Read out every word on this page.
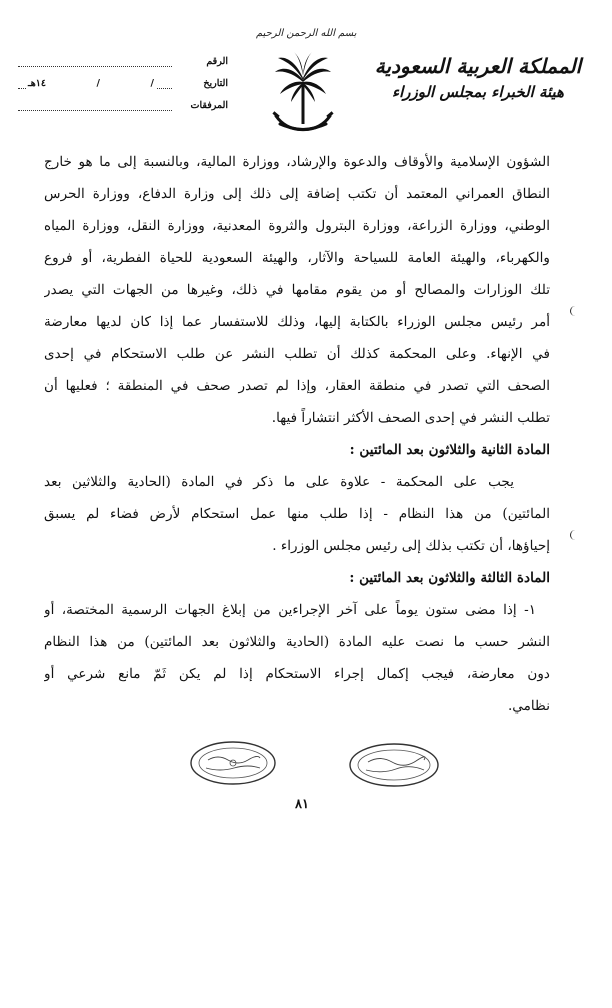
بسم الله الرحمن الرحيم
المملكة العربية السعودية
هيئة الخبراء بمجلس الوزراء
الرقم
التاريخ
١٤هـ	/	/
المرفقات
الشؤون الإسلامية والأوقاف والدعوة والإرشاد، ووزارة المالية، وبالنسبة إلى ما هو خارج
النطاق العمراني المعتمد أن تكتب إضافة إلى ذلك إلى وزارة الدفاع، ووزارة الحرس
الوطني، ووزارة الزراعة، ووزارة البترول والثروة المعدنية، ووزارة النقل، ووزارة المياه
والكهرباء، والهيئة العامة للسياحة والآثار، والهيئة السعودية للحياة الفطرية، أو فروع
تلك الوزارات والمصالح أو من يقوم مقامها في ذلك، وغيرها من الجهات التي يصدر
أمر رئيس مجلس الوزراء بالكتابة إليها، وذلك للاستفسار عما إذا كان لديها معارضة
في الإنهاء. وعلى المحكمة كذلك أن تطلب النشر عن طلب الاستحكام في إحدى
الصحف التي تصدر في منطقة العقار، وإذا لم تصدر صحف في المنطقة ؛ فعليها أن
تطلب النشر في إحدى الصحف الأكثر انتشاراً فيها.
المادة الثانية والثلاثون بعد المائتين :
يجب على المحكمة - علاوة على ما ذكر في المادة (الحادية والثلاثين بعد
المائتين) من هذا النظام - إذا طلب منها عمل استحكام لأرض فضاء لم يسبق
إحياؤها، أن تكتب بذلك إلى رئيس مجلس الوزراء .
المادة الثالثة والثلاثون بعد المائتين :
١- إذا مضى ستون يوماً على آخر الإجراءين من إبلاغ الجهات الرسمية المختصة، أو
النشر حسب ما نصت عليه المادة (الحادية والثلاثون بعد المائتين) من هذا النظام
دون معارضة، فيجب إكمال إجراء الاستحكام إذا لم يكن ثَمّ مانع شرعي أو
نظامي.
٨١
